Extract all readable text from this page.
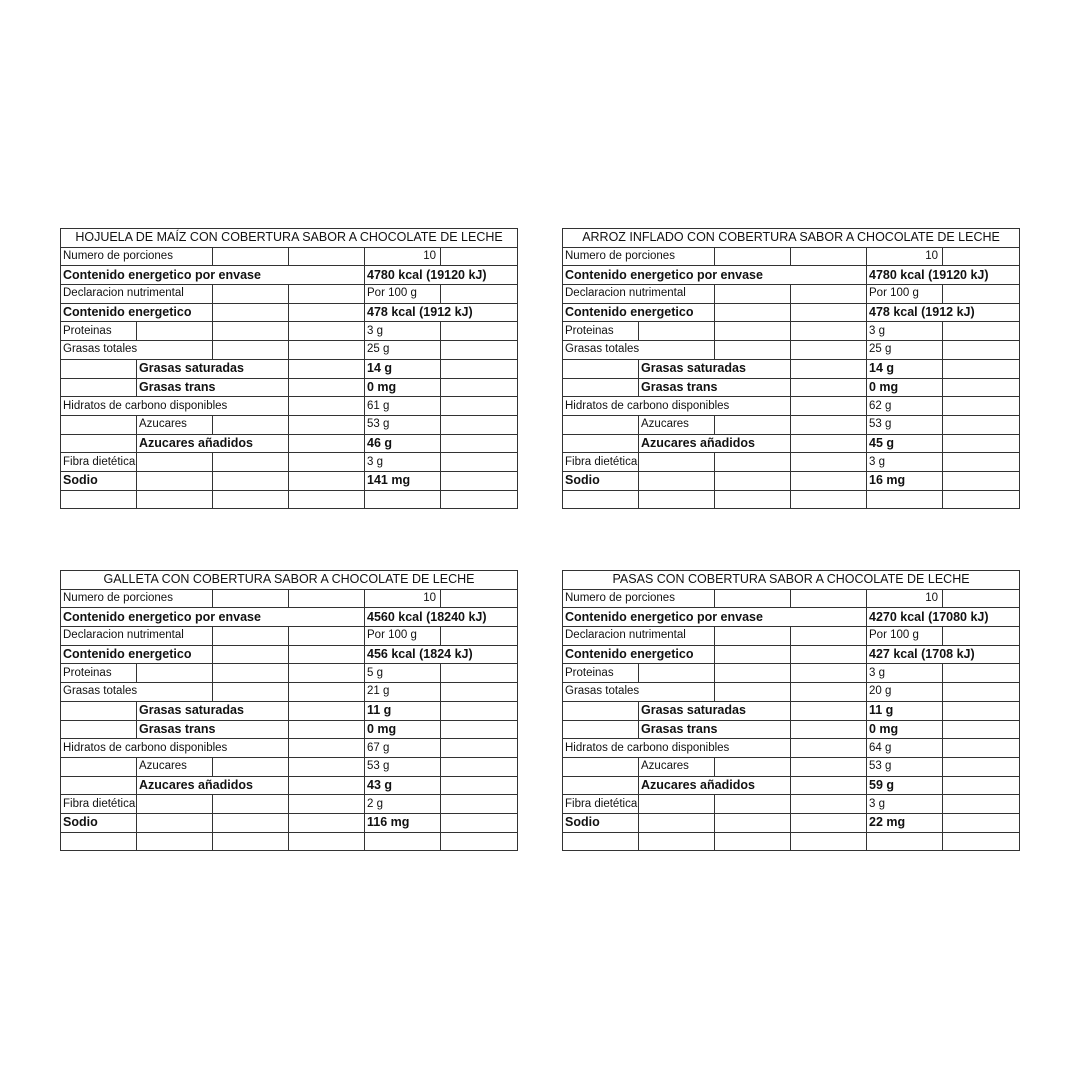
HOJUELA DE MAÍZ CON COBERTURA SABOR A CHOCOLATE DE LECHE					
Numero de porciones				10	
Contenido energetico por envase				4780 kcal (19120 kJ)	
Declaracion nutrimental				Por 100 g	
Contenido energetico				478 kcal (1912 kJ)	
Proteinas				3 g	
Grasas totales				25 g	
	Grasas saturadas			14 g	
	Grasas trans			0 mg	
Hidratos de carbono disponibles				61 g	
	Azucares			53 g	
	Azucares añadidos			46 g	
Fibra dietética				3 g	
Sodio				141 mg	

ARROZ INFLADO CON COBERTURA SABOR A CHOCOLATE DE LECHE					
Numero de porciones				10	
Contenido energetico por envase				4780 kcal (19120 kJ)	
Declaracion nutrimental				Por 100 g	
Contenido energetico				478 kcal (1912 kJ)	
Proteinas				3 g	
Grasas totales				25 g	
	Grasas saturadas			14 g	
	Grasas trans			0 mg	
Hidratos de carbono disponibles				62 g	
	Azucares			53 g	
	Azucares añadidos			45 g	
Fibra dietética				3 g	
Sodio				16 mg	

GALLETA CON COBERTURA SABOR A CHOCOLATE DE LECHE					
Numero de porciones				10	
Contenido energetico por envase				4560 kcal (18240 kJ)	
Declaracion nutrimental				Por 100 g	
Contenido energetico				456 kcal (1824 kJ)	
Proteinas				5 g	
Grasas totales				21 g	
	Grasas saturadas			11 g	
	Grasas trans			0 mg	
Hidratos de carbono disponibles				67 g	
	Azucares			53 g	
	Azucares añadidos			43 g	
Fibra dietética				2 g	
Sodio				116 mg	

PASAS CON COBERTURA SABOR A CHOCOLATE DE LECHE					
Numero de porciones				10	
Contenido energetico por envase				4270 kcal (17080 kJ)	
Declaracion nutrimental				Por 100 g	
Contenido energetico				427 kcal (1708 kJ)	
Proteinas				3 g	
Grasas totales				20 g	
	Grasas saturadas			11 g	
	Grasas trans			0 mg	
Hidratos de carbono disponibles				64 g	
	Azucares			53 g	
	Azucares añadidos			59 g	
Fibra dietética				3 g	
Sodio				22 mg	
